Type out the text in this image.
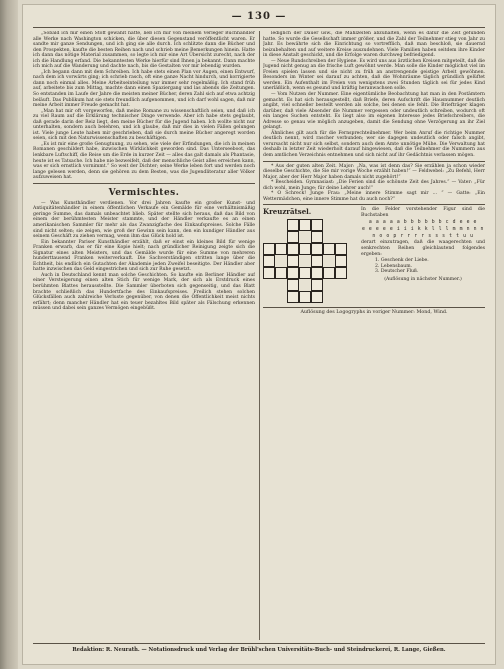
— 130 —

„Sobald ich mir einen Stoff gewählt hatte, ließ ich mir von meinem Verleger Buchhändler alle Werke nach Washington schicken, die über diesen Gegenstand veröffentlicht waren. Er sandte mir ganze Sendungen, und ich ging sie alle durch. Ich schlitzte dann die Bücher und den Prospekten, kaufte die besten Reihen nach und schrieb meine Bemerkungen hinein. Hatte ich dann das nötige Material zusammen, so legte ich mir eine Art Übersicht zurecht, nach der ich die Handlung erfand. Die bekanntesten Werke hierfür sind Ihnen ja bekannt. Dann machte ich mich auf die Wanderung und dachte nach, bis die Gestalten vor mir lebendig wurden.

„Ich begann dann mit dem Schreiben. Ich habe stets einen Plan vor Augen, einen Entwurf, nach dem ich vorwärts ging; ich schrieb rasch, oft eine ganze Nacht hindurch, und korrigierte dann noch einmal alles. Meine Arbeitseinteilung war immer sehr regelmäßig. Ich stand früh auf, arbeitete bis zum Mittag, machte dann einen Spaziergang und las abends die Zeitungen. So entstanden im Laufe der Jahre die meisten meiner Bücher, deren Zahl sich auf etwa achtzig beläuft. Das Publikum hat sie stets freundlich aufgenommen, und ich darf wohl sagen, daß mir meine Arbeit immer Freude gemacht hat.

„Man hat mir oft vorgeworfen, daß meine Romane zu wissenschaftlich seien, und daß ich zu viel Raum auf die Erklärung technischer Dinge verwende. Aber ich habe stets geglaubt, daß gerade darin der Reiz liegt, den meine Bücher für die Jugend haben. Ich wollte nicht nur unterhalten, sondern auch belehren, und ich glaube, daß mir dies in vielen Fällen gelungen ist. Viele junge Leute haben mir geschrieben, daß sie durch meine Bücher angeregt worden seien, sich mit den Naturwissenschaften zu beschäftigen.

„Es ist mir eine große Genugtuung, zu sehen, wie viele der Erfindungen, die ich in meinen Romanen geschildert habe, inzwischen Wirklichkeit geworden sind. Das Unterseeboot, das lenkbare Luftschiff, die Reise um die Erde in kurzer Zeit — alles das galt damals als Phantasie, heute ist es Tatsache. Ich habe nie bezweifelt, daß der menschliche Geist alles erreichen kann, was er sich ernstlich vornimmt.“ So weit der Dichter; seine Werke leben fort und werden noch lange gelesen werden, denn sie gehören zu dem Besten, was die Jugendliteratur aller Völker aufzuweisen hat.

Vermischtes.

— Was Kunsthändler verdienen. Vor drei Jahren kaufte ein großer Kunst- und Antiquitätenhändler in einem öffentlichen Verkaufe ein Gemälde für eine verhältnismäßig geringe Summe, das damals unbeachtet blieb. Später stellte sich heraus, daß das Bild von einem der berühmtesten Meister stammte, und der Händler verkaufte es an einen amerikanischen Sammler für mehr als das Zwanzigfache des Einkaufspreises. Solche Fälle sind nicht selten; sie zeigen, wie groß der Gewinn sein kann, den ein kundiger Händler aus seinem Geschäft zu ziehen vermag, wenn ihm das Glück hold ist.

Ein bekannter Pariser Kunsthändler erzählt, daß er einst ein kleines Bild für wenige Franken erwarb, das er für eine Kopie hielt; nach gründlicher Reinigung zeigte sich die Signatur eines alten Meisters, und das Gemälde wurde für eine Summe von mehreren hunderttausend Franken weiterverkauft. Die Sachverständigen stritten lange über die Echtheit, bis endlich ein Gutachten der Akademie jeden Zweifel beseitigte. Der Händler aber hatte inzwischen das Geld eingestrichen und sich zur Ruhe gesetzt.

Auch in Deutschland kennt man solche Geschichten. So kaufte ein Berliner Händler auf einer Versteigerung einen alten Stich für wenige Mark, der sich als Erstdruck eines berühmten Blattes herausstellte. Die Sammler überboten sich gegenseitig, und das Blatt brachte schließlich das Hundertfache des Einkaufspreises. Freilich stehen solchen Glücksfällen auch zahlreiche Verluste gegenüber, von denen die Öffentlichkeit meist nichts erfährt; denn mancher Händler hat ein teuer bezahltes Bild später als Fälschung erkennen müssen und dabei sein ganzes Vermögen eingebüßt.

lediglich der Dauer usw., die Mahlzeiten abzuhalten, wenn es dafür die Zeit gefunden hatte. So wurde die Gesellschaft immer größer, und die Zahl der Teilnehmer stieg von Jahr zu Jahr. Es bewährte sich die Einrichtung so vortrefflich, daß man beschloß, sie dauernd beizubehalten und auf weitere Kreise auszudehnen. Viele Familien haben seitdem ihre Kinder in diese Anstalt geschickt, und die Erfolge waren durchweg befriedigend.

— Neue Rundschreiben der Hygiene. Es wird uns aus ärztlichen Kreisen mitgeteilt, daß die Jugend nicht genug an die frische Luft gewöhnt werde. Man solle die Kinder möglichst viel im Freien spielen lassen und sie nicht zu früh an anstrengende geistige Arbeit gewöhnen. Besonders im Winter sei darauf zu achten, daß die Wohnräume täglich gründlich gelüftet werden. Ein Aufenthalt im Freien von wenigstens zwei Stunden täglich sei für jedes Kind unerläßlich, wenn es gesund und kräftig heranwachsen solle.

— Vom Nutzen der Nummer. Eine eigentümliche Beobachtung hat man in den Postämtern gemacht. Es hat sich herausgestellt, daß Briefe, deren Aufschrift die Hausnummer deutlich angibt, viel schneller bestellt werden als solche, bei denen sie fehlt. Die Briefträger klagen darüber, daß viele Absender die Nummer vergessen oder undeutlich schreiben, wodurch oft ein langes Suchen entsteht. Es liegt also im eigenen Interesse jedes Briefschreibers, die Adresse so genau wie möglich anzugeben, damit die Sendung ohne Verzögerung an ihr Ziel gelangt.

Ähnliches gilt auch für die Fernsprechteilnehmer. Wer beim Anruf die richtige Nummer deutlich nennt, wird rascher verbunden; wer sie dagegen undeutlich oder falsch angibt, verursacht nicht nur sich selbst, sondern auch dem Amte unnötige Mühe. Die Verwaltung hat deshalb in letzter Zeit wiederholt darauf hingewiesen, daß die Teilnehmer die Nummern aus dem amtlichen Verzeichnis entnehmen und sich nicht auf ihr Gedächtnis verlassen mögen.

* Aus der guten alten Zeit. Major: „Na, was ist denn das? Sie erzählen ja schon wieder dieselbe Geschichte, die Sie mir vorige Woche erzählt haben!“ — Feldwebel: „Zu Befehl, Herr Major, aber der Herr Major haben damals nicht zugehört!“

* Bescheiden. Gymnasiast: „Die Ferien sind die schönste Zeit des Jahres.“ — Vater: „Für dich wohl, mein Junge; für deine Lehrer auch!“

* O Schreck! Junge Frau: „Meine innere Stimme sagt mir ... “ — Gatte: „Ein Wettermädchen, eine innere Stimme hat du auch noch?“

Kreuzrätsel.	In die Felder vorstehender Figur sind die Buchstaben
a a a a a b b b b b b c d e e e
e e e e e i i i k k l l l m m n n n
n o o p r r r r s s s t t u u
derart einzutragen, daß die waagerechten und senkrechten Reihen gleichlautend folgendes ergeben:
1. Geschenk der Liebe.
2. Lebensbaum.
3. Deutscher Fluß.
(Auflösung in nächster Nummer.)
Auflösung des Logogryphs in voriger Nummer: Mond, Wind.
Redaktion: R. Neurath. — Notationsdruck und Verlag der Brühl'schen Universitäts-Buch- und Steindruckerei, R. Lange, Gießen.
